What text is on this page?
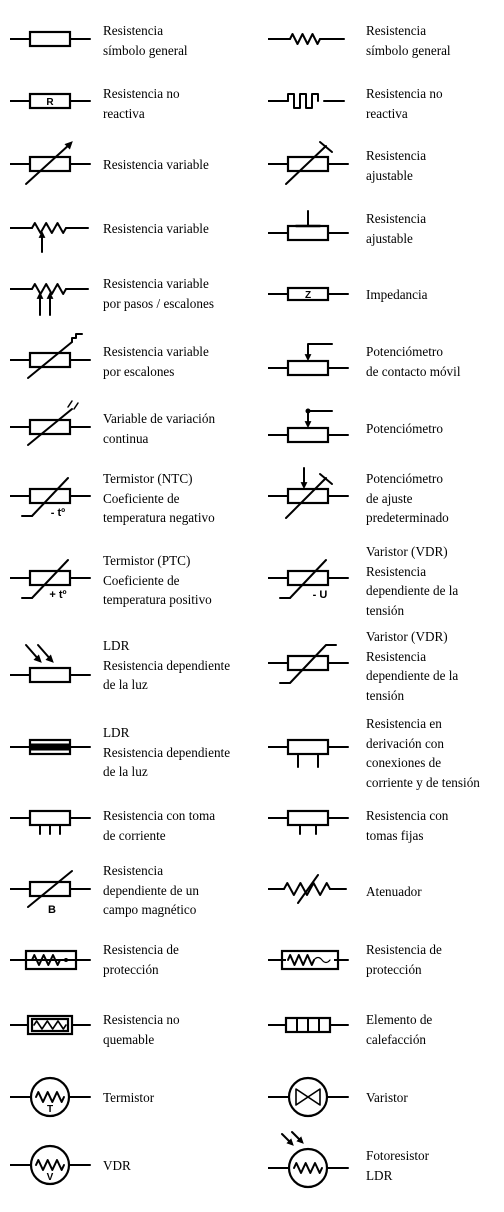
Resistencia
símbolo general
Resistencia
símbolo general
R
Resistencia no
reactiva
Resistencia no
reactiva
Resistencia variable
Resistencia
ajustable
Resistencia variable
Resistencia
ajustable
Resistencia variable
por pasos / escalones	Z	Impedancia
Resistencia variable
por escalones
Potenciómetro
de contacto móvil
Variable de variación
continua
Potenciómetro
- tº
Termistor (NTC)
Coeficiente de
temperatura negativo
Potenciómetro
de ajuste
predeterminado
+ tº
Termistor (PTC)
Coeficiente de
temperatura positivo	- U
Varistor (VDR)
Resistencia
dependiente de la
tensión
LDR
Resistencia dependiente
de la luz
Varistor (VDR)
Resistencia
dependiente de la
tensión
LDR
Resistencia dependiente
de la luz
Resistencia en
derivación con
conexiones de
corriente y de tensión
Resistencia con toma
de corriente
Resistencia con
tomas fijas
B
Resistencia
dependiente de un
campo magnético
Atenuador
Resistencia de
protección
Resistencia de
protección
Resistencia no
quemable
Elemento de
calefacción
T
Termistor	Varistor
V
VDR
Fotoresistor
LDR
